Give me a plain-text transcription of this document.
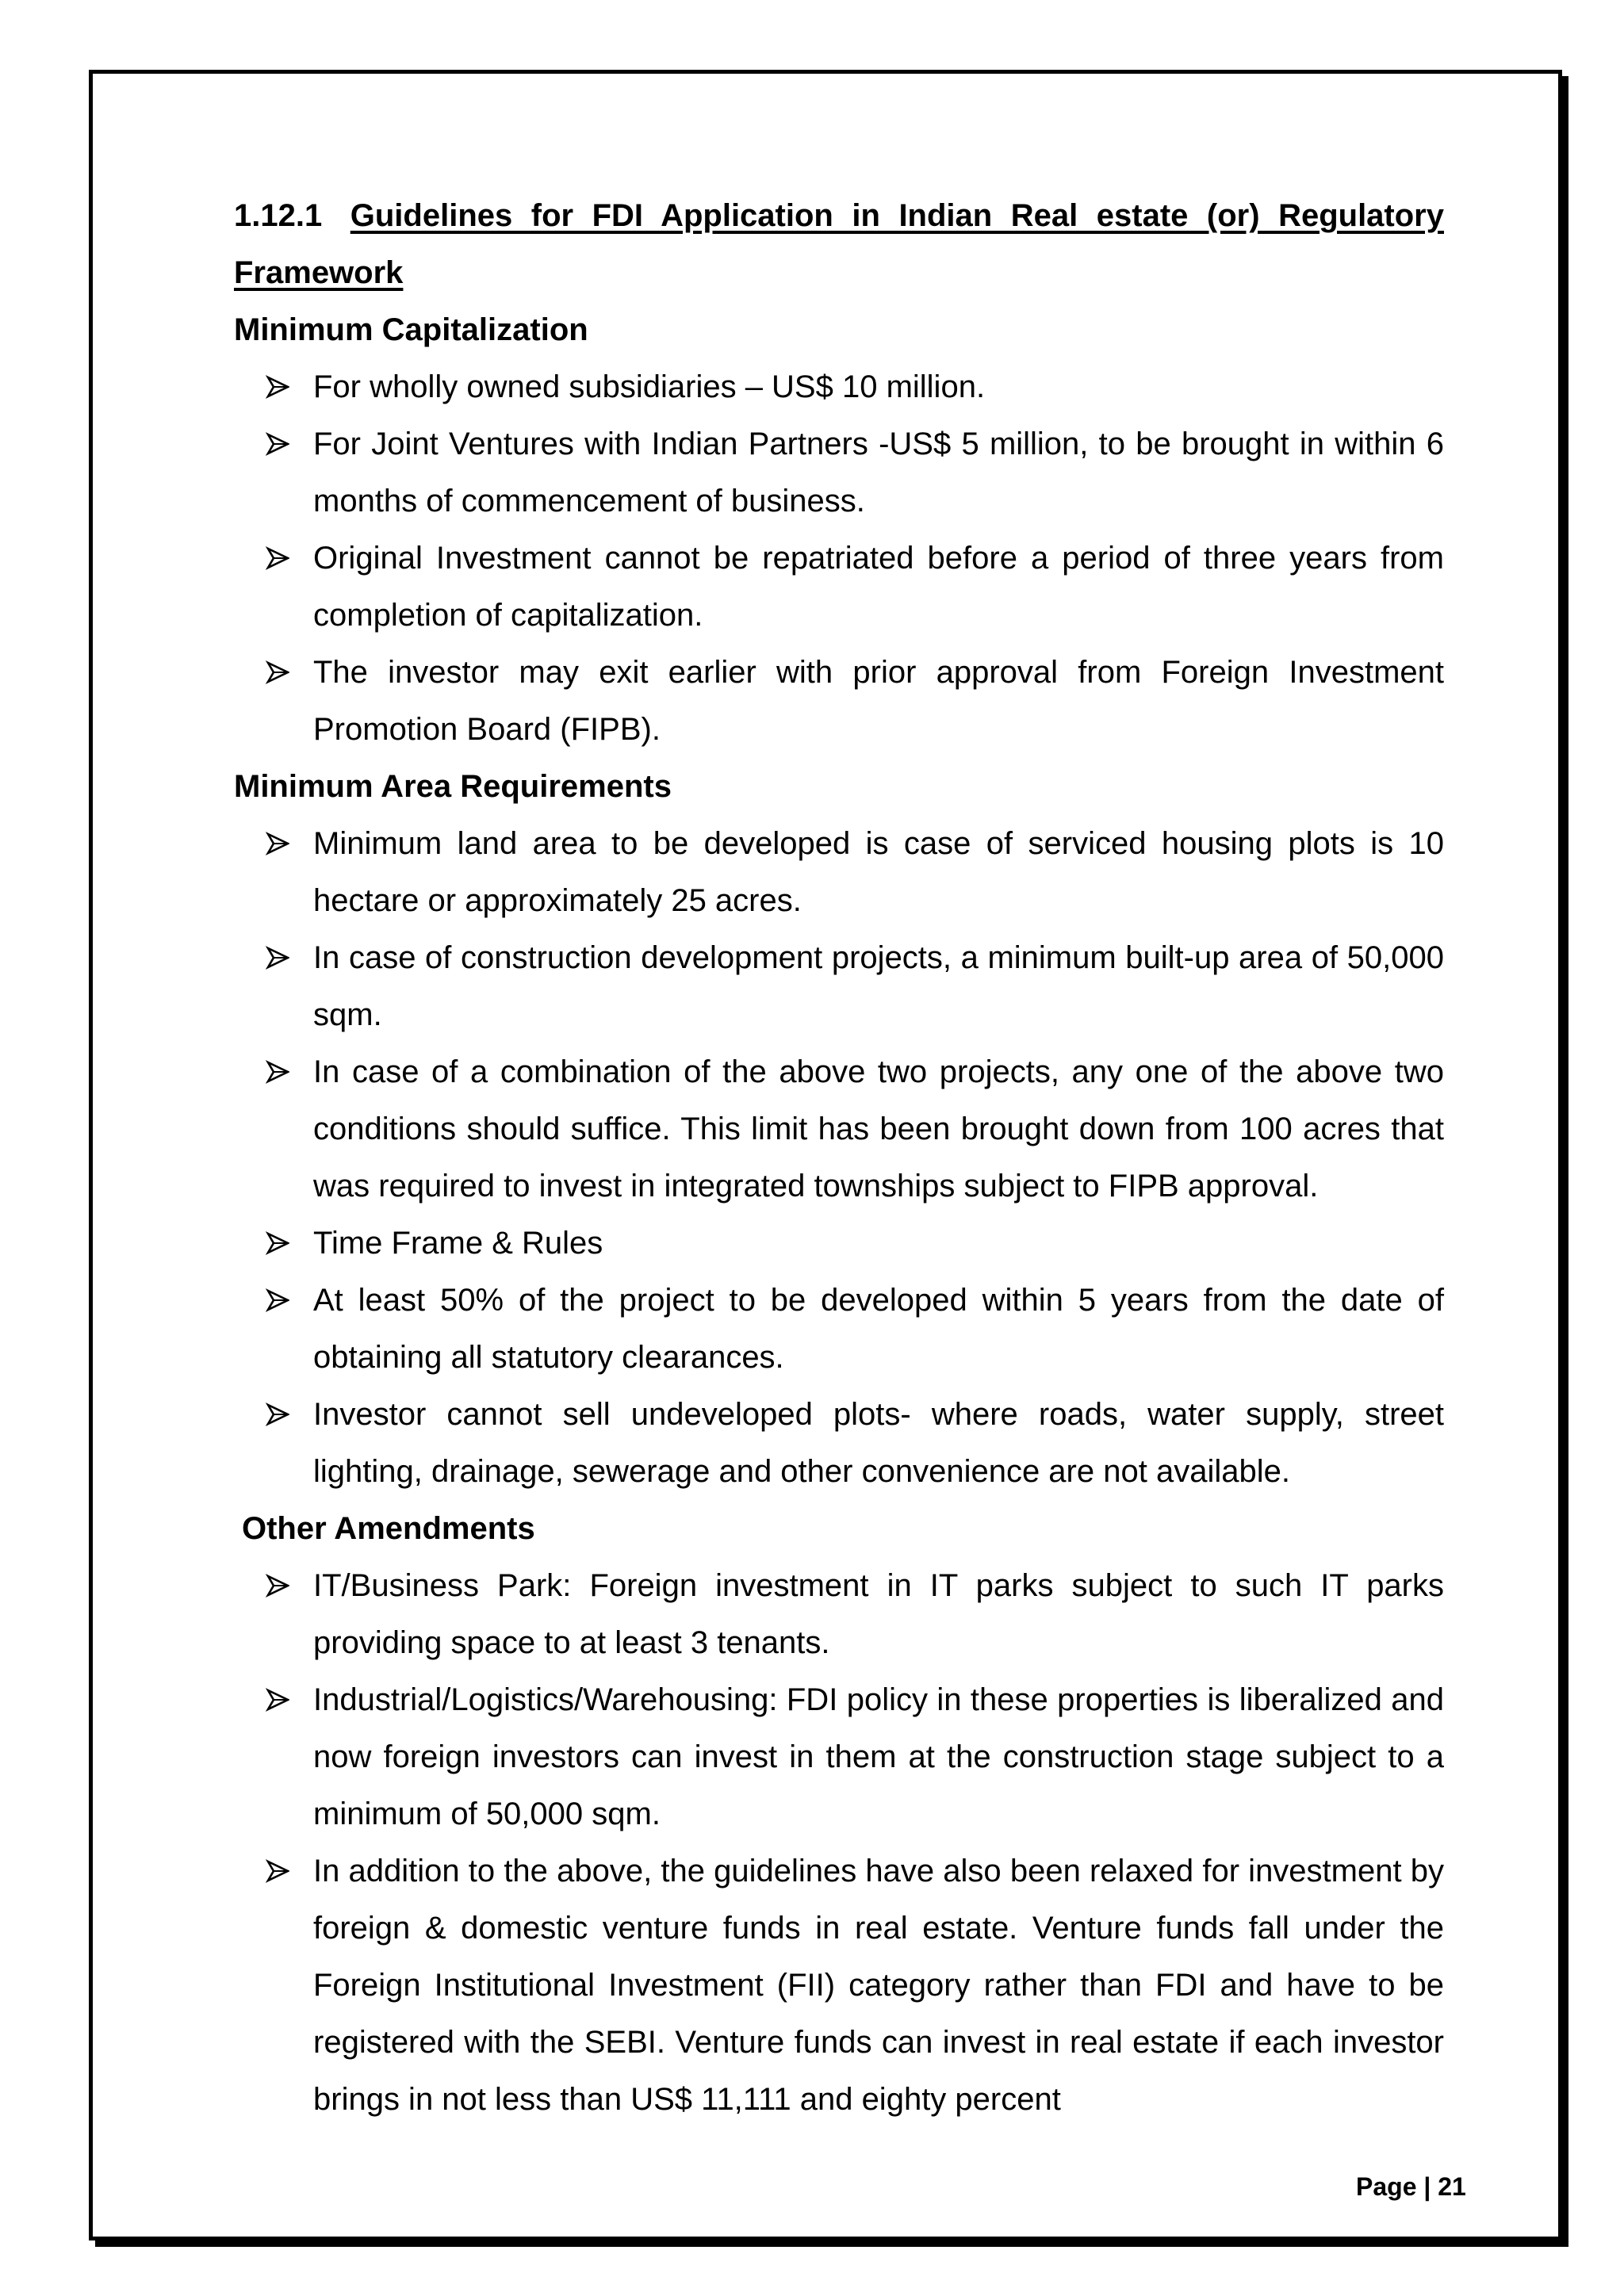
1.12.1 Guidelines for FDI Application in Indian Real estate (or) Regulatory Framework
Minimum Capitalization
For wholly owned subsidiaries – US$ 10 million.
For Joint Ventures with Indian Partners -US$ 5 million, to be brought in within 6 months of commencement of business.
Original Investment cannot be repatriated before a period of three years from completion of capitalization.
The investor may exit earlier with prior approval from Foreign Investment Promotion Board (FIPB).
Minimum Area Requirements
Minimum land area to be developed is case of serviced housing plots is 10 hectare or approximately 25 acres.
In case of construction development projects, a minimum built-up area of 50,000 sqm.
In case of a combination of the above two projects, any one of the above two conditions should suffice. This limit has been brought down from 100 acres that was required to invest in integrated townships subject to FIPB approval.
Time Frame & Rules
At least 50% of the project to be developed within 5 years from the date of obtaining all statutory clearances.
Investor cannot sell undeveloped plots- where roads, water supply, street lighting, drainage, sewerage and other convenience are not available.
Other Amendments
IT/Business Park: Foreign investment in IT parks subject to such IT parks providing space to at least 3 tenants.
Industrial/Logistics/Warehousing: FDI policy in these properties is liberalized and now foreign investors can invest in them at the construction stage subject to a minimum of 50,000 sqm.
In addition to the above, the guidelines have also been relaxed for investment by foreign & domestic venture funds in real estate. Venture funds fall under the Foreign Institutional Investment (FII) category rather than FDI and have to be registered with the SEBI. Venture funds can invest in real estate if each investor brings in not less than US$ 11,111 and eighty percent
Page | 21
